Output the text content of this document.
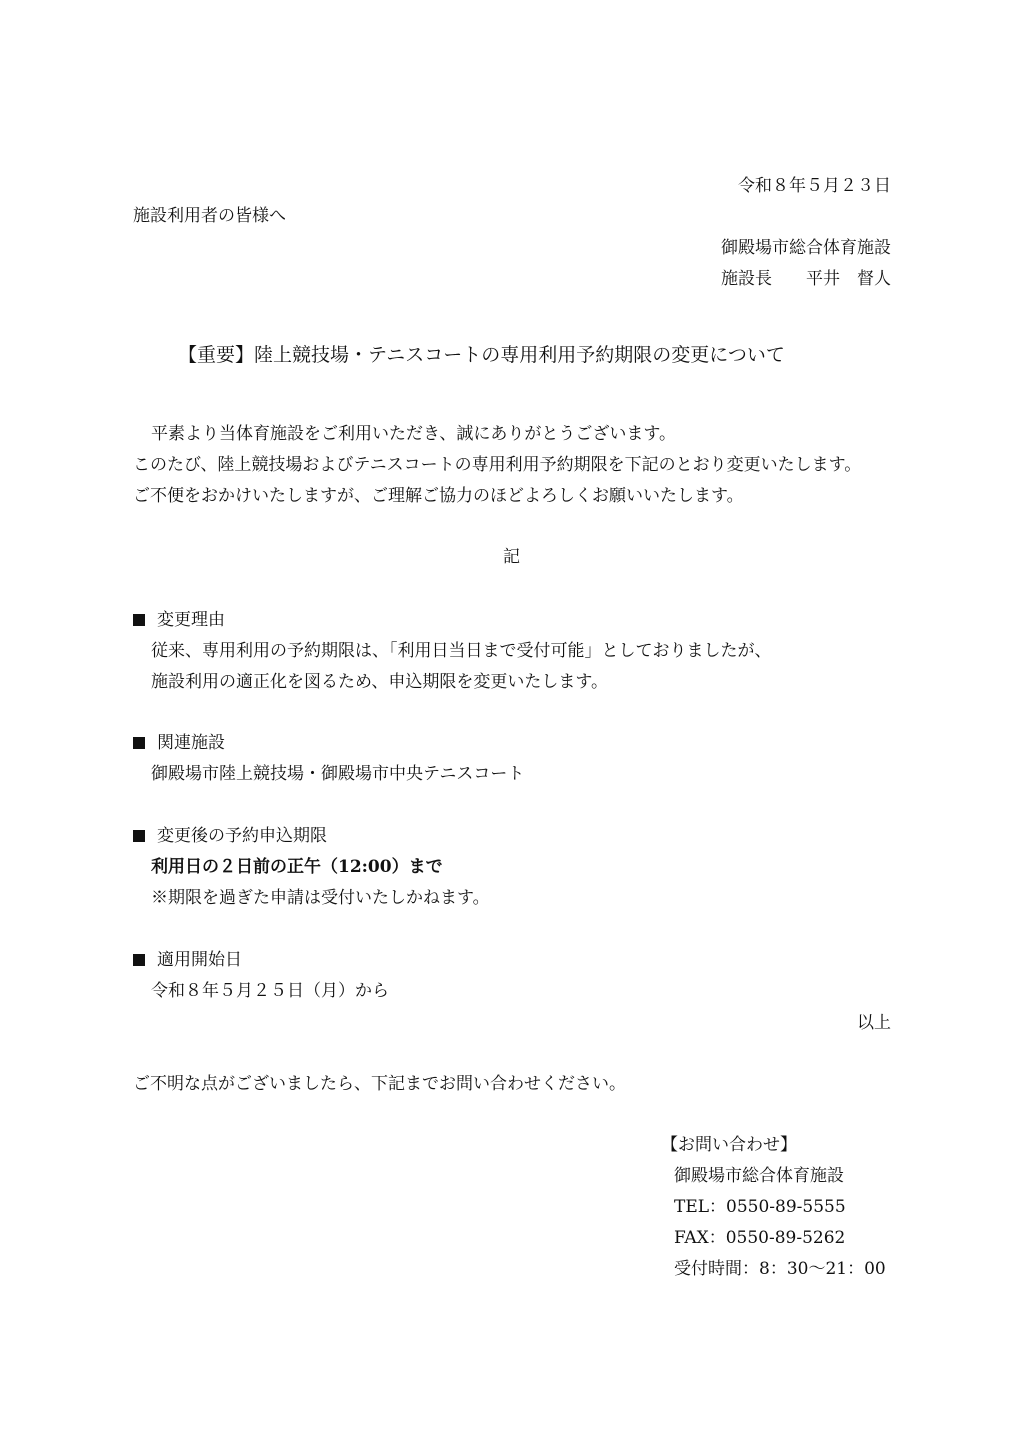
令和８年５月２３日
施設利用者の皆様へ
御殿場市総合体育施設
施設長　　平井　督人
【重要】陸上競技場・テニスコートの専用利用予約期限の変更について
平素より当体育施設をご利用いただき、誠にありがとうございます。
このたび、陸上競技場およびテニスコートの専用利用予約期限を下記のとおり変更いたします。
ご不便をおかけいたしますが、ご理解ご協力のほどよろしくお願いいたします。
記
変更理由
従来、専用利用の予約期限は、「利用日当日まで受付可能」としておりましたが、
施設利用の適正化を図るため、申込期限を変更いたします。
関連施設
御殿場市陸上競技場・御殿場市中央テニスコート
変更後の予約申込期限
利用日の２日前の正午（12:00）まで
※期限を過ぎた申請は受付いたしかねます。
適用開始日
令和８年５月２５日（月）から
以上
ご不明な点がございましたら、下記までお問い合わせください。
【お問い合わせ】
御殿場市総合体育施設
TEL：0550-89-5555
FAX：0550-89-5262
受付時間：8：30〜21：00
